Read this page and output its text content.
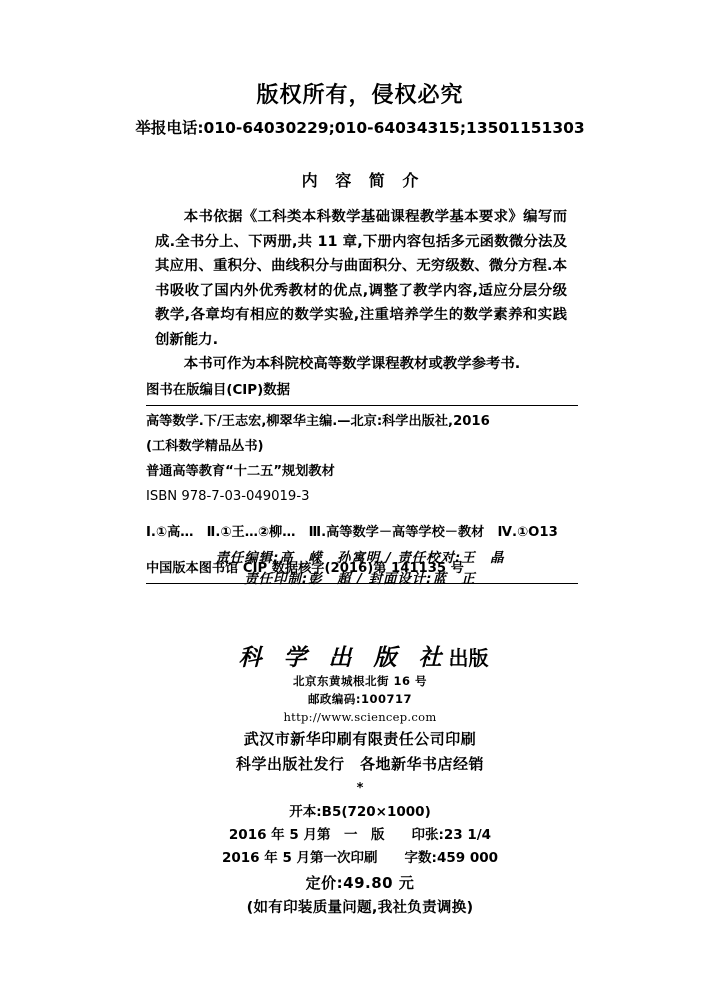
版权所有，侵权必究
举报电话:010-64030229;010-64034315;13501151303
内 容 简 介

本书依据《工科类本科数学基础课程教学基本要求》编写而成.全书分上、下两册,共 11 章,下册内容包括多元函数微分法及其应用、重积分、曲线积分与曲面积分、无穷级数、微分方程.本书吸收了国内外优秀教材的优点,调整了教学内容,适应分层分级教学,各章均有相应的数学实验,注重培养学生的数学素养和实践创新能力.

本书可作为本科院校高等数学课程教材或教学参考书.

图书在版编目(CIP)数据
高等数学.下/王志宏,柳翠华主编.—北京:科学出版社,2016
(工科数学精品丛书)
普通高等教育“十二五”规划教材
ISBN 978-7-03-049019-3
Ⅰ.①高…　Ⅱ.①王…②柳…　Ⅲ.高等数学－高等学校－教材　Ⅳ.①O13
中国版本图书馆 CIP 数据核字(2016)第 141135 号
责任编辑:高　嵘　孙寓明 / 责任校对:王　晶
责任印制:彭　超 / 封面设计:蓝　正
科 学 出 版 社出版
北京东黄城根北街 16 号
邮政编码:100717
http://www.sciencep.com
武汉市新华印刷有限责任公司印刷
科学出版社发行　各地新华书店经销
*
开本:B5(720×1000)
2016 年 5 月第　一　版　　印张:23 1/4
2016 年 5 月第一次印刷　　字数:459 000
定价:49.80 元
(如有印装质量问题,我社负责调换)
